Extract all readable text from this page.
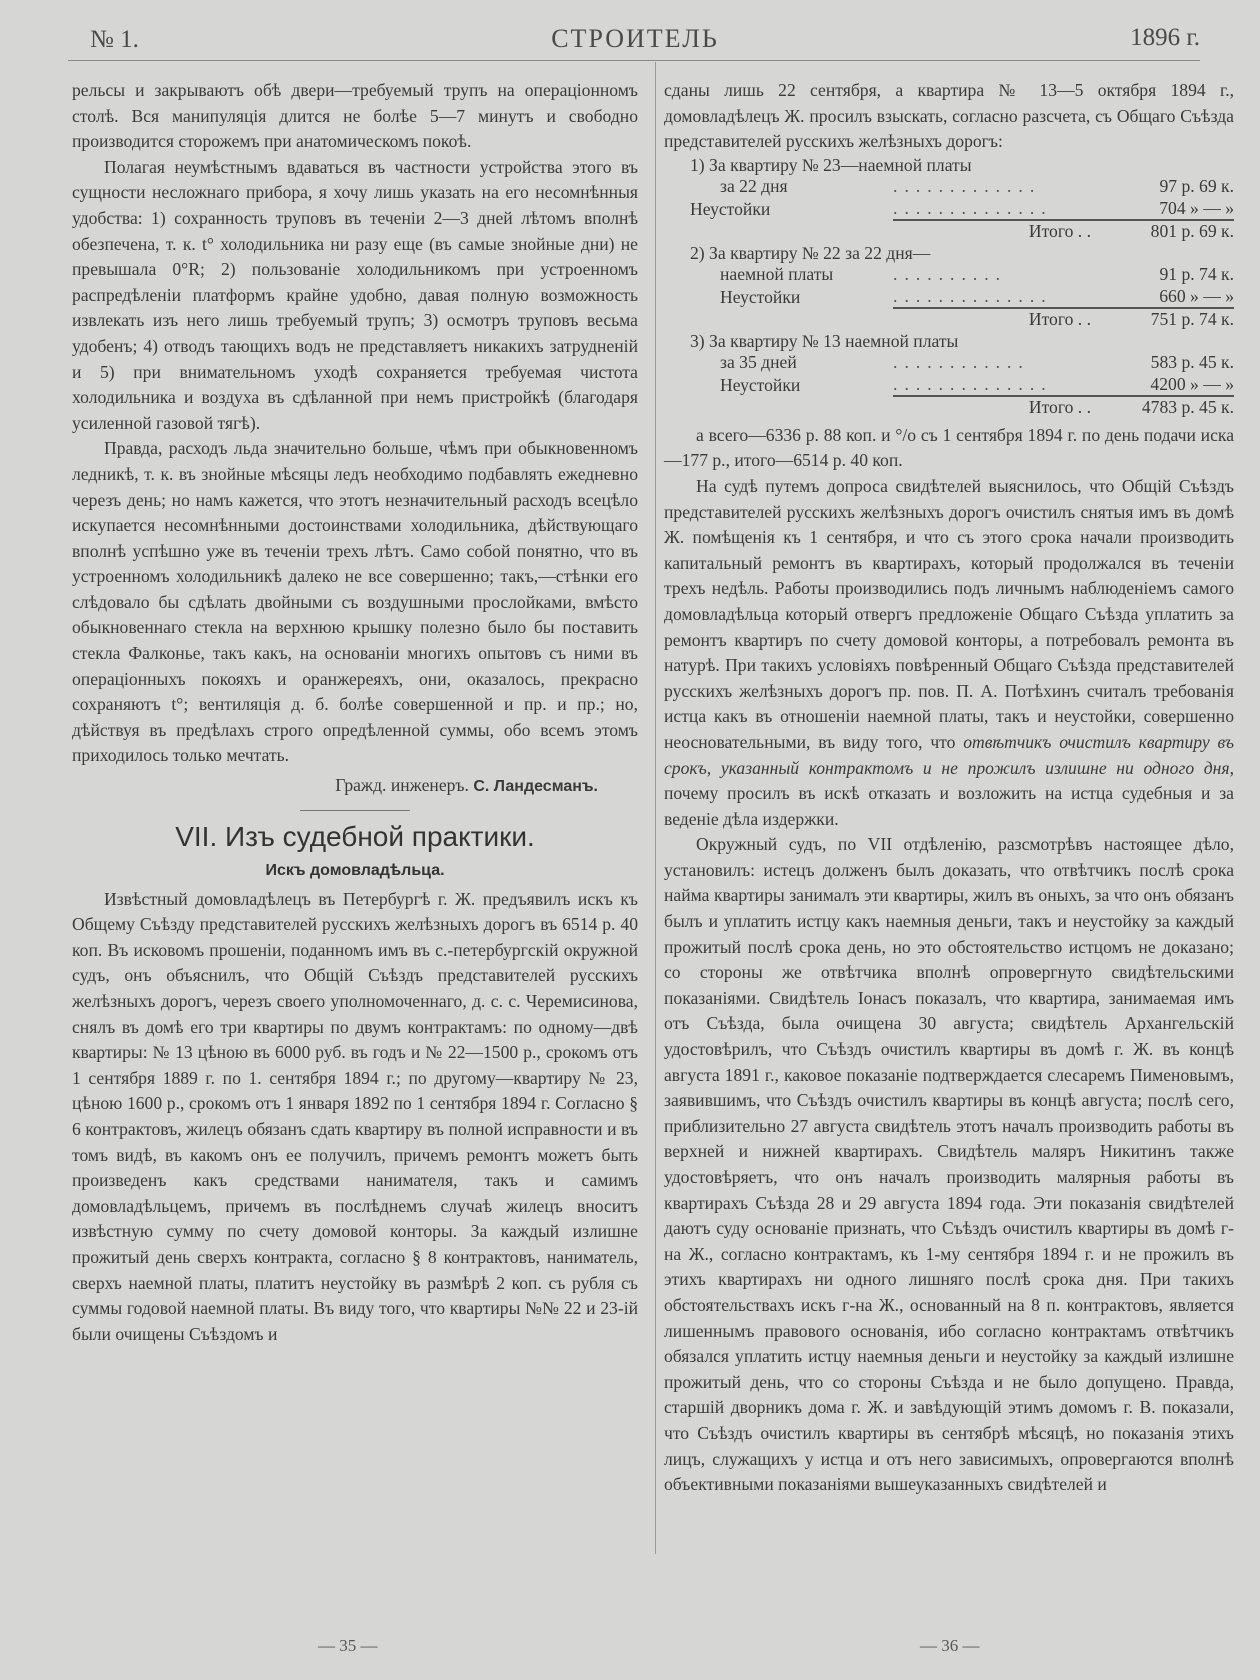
№ 1.	СТРОИТЕЛЬ	1896 г.

рельсы и закрываютъ обѣ двери—требуемый трупъ на операціонномъ столѣ. Вся манипуляція длится не болѣе 5—7 минутъ и свободно производится сторожемъ при анатомическомъ покоѣ.

Полагая неумѣстнымъ вдаваться въ частности устройства этого въ сущности несложнаго прибора, я хочу лишь указать на его несомнѣнныя удобства: 1) сохранность труповъ въ теченіи 2—3 дней лѣтомъ вполнѣ обезпечена, т. к. t° холодильника ни разу еще (въ самые знойные дни) не превышала 0°R; 2) пользованіе холодильникомъ при устроенномъ распредѣленіи платформъ крайне удобно, давая полную возможность извлекать изъ него лишь требуемый трупъ; 3) осмотръ труповъ весьма удобенъ; 4) отводъ тающихъ водъ не представляетъ никакихъ затрудненій и 5) при внимательномъ уходѣ сохраняется требуемая чистота холодильника и воздуха въ сдѣланной при немъ пристройкѣ (благодаря усиленной газовой тягѣ).

Правда, расходъ льда значительно больше, чѣмъ при обыкновенномъ ледникѣ, т. к. въ знойные мѣсяцы ледъ необходимо подбавлять ежедневно черезъ день; но намъ кажется, что этотъ незначительный расходъ всецѣло искупается несомнѣнными достоинствами холодильника, дѣйствующаго вполнѣ успѣшно уже въ теченіи трехъ лѣтъ. Само собой понятно, что въ устроенномъ холодильникѣ далеко не все совершенно; такъ,—стѣнки его слѣдовало бы сдѣлать двойными съ воздушными прослойками, вмѣсто обыкновеннаго стекла на верхнюю крышку полезно было бы поставить стекла Фалконье, такъ какъ, на основаніи многихъ опытовъ съ ними въ операціонныхъ покояхъ и оранжереяхъ, они, оказалось, прекрасно сохраняютъ t°; вентиляція д. б. болѣе совершенной и пр. и пр.; но, дѣйствуя въ предѣлахъ строго опредѣленной суммы, обо всемъ этомъ приходилось только мечтать.

Гражд. инженеръ. С. Ландесманъ.
VII. Изъ судебной практики.
Искъ домовладѣльца.

Извѣстный домовладѣлецъ въ Петербургѣ г. Ж. предъявилъ искъ къ Общему Съѣзду представителей русскихъ желѣзныхъ дорогъ въ 6514 р. 40 коп. Въ исковомъ прошеніи, поданномъ имъ въ с.-петербургскій окружной судъ, онъ объяснилъ, что Общій Съѣздъ представителей русскихъ желѣзныхъ дорогъ, черезъ своего уполномоченнаго, д. с. с. Черемисинова, снялъ въ домѣ его три квартиры по двумъ контрактамъ: по одному—двѣ квартиры: № 13 цѣною въ 6000 руб. въ годъ и № 22—1500 р., срокомъ отъ 1 сентября 1889 г. по 1. сентября 1894 г.; по другому—квартиру № 23, цѣною 1600 р., срокомъ отъ 1 января 1892 по 1 сентября 1894 г. Согласно § 6 контрактовъ, жилецъ обязанъ сдать квартиру въ полной исправности и въ томъ видѣ, въ какомъ онъ ее получилъ, причемъ ремонтъ можетъ быть произведенъ какъ средствами нанимателя, такъ и самимъ домовладѣльцемъ, причемъ въ послѣднемъ случаѣ жилецъ вноситъ извѣстную сумму по счету домовой конторы. За каждый излишне прожитый день сверхъ контракта, согласно § 8 контрактовъ, наниматель, сверхъ наемной платы, платитъ неустойку въ размѣрѣ 2 коп. съ рубля съ суммы годовой наемной платы. Въ виду того, что квартиры №№ 22 и 23-ій были очищены Съѣздомъ и

сданы лишь 22 сентября, а квартира № 13—5 октября 1894 г., домовладѣлецъ Ж. просилъ взыскать, согласно разсчета, съ Общаго Съѣзда представителей русскихъ желѣзныхъ дорогъ:

1) За квартиру № 23—наемной платы		
за 22 дня	.............	97 р. 69 к.
Неустойки	..............	704 » — »
	Итого . .	801 р. 69 к.
2) За квартиру № 22 за 22 дня—		
наемной платы	..........	91 р. 74 к.
Неустойки	..............	660 » — »
	Итого . .	751 р. 74 к.
3) За квартиру № 13 наемной платы		
за 35 дней	............	583 р. 45 к.
Неустойки	..............	4200 » — »
	Итого . .	4783 р. 45 к.

а всего—6336 р. 88 коп. и °/о съ 1 сентября 1894 г. по день подачи иска—177 р., итого—6514 р. 40 коп.

На судѣ путемъ допроса свидѣтелей выяснилось, что Общій Съѣздъ представителей русскихъ желѣзныхъ дорогъ очистилъ снятыя имъ въ домѣ Ж. помѣщенія къ 1 сентября, и что съ этого срока начали производить капитальный ремонтъ въ квартирахъ, который продолжался въ теченіи трехъ недѣль. Работы производились подъ личнымъ наблюденіемъ самого домовладѣльца который отвергъ предложеніе Общаго Съѣзда уплатить за ремонтъ квартиръ по счету домовой конторы, а потребовалъ ремонта въ натурѣ. При такихъ условіяхъ повѣренный Общаго Съѣзда представителей русскихъ желѣзныхъ дорогъ пр. пов. П. А. Потѣхинъ считалъ требованія истца какъ въ отношеніи наемной платы, такъ и неустойки, совершенно неосновательными, въ виду того, что отвѣтчикъ очистилъ квартиру въ срокъ, указанный контрактомъ и не прожилъ излишне ни одного дня, почему просилъ въ искѣ отказать и возложить на истца судебныя и за веденіе дѣла издержки.

Окружный судъ, по VII отдѣленію, разсмотрѣвъ настоящее дѣло, установилъ: истецъ долженъ былъ доказать, что отвѣтчикъ послѣ срока найма квартиры занималъ эти квартиры, жилъ въ оныхъ, за что онъ обязанъ былъ и уплатить истцу какъ наемныя деньги, такъ и неустойку за каждый прожитый послѣ срока день, но это обстоятельство истцомъ не доказано; со стороны же отвѣтчика вполнѣ опровергнуто свидѣтельскими показаніями. Свидѣтель Іонасъ показалъ, что квартира, занимаемая имъ отъ Съѣзда, была очищена 30 августа; свидѣтель Архангельскій удостовѣрилъ, что Съѣздъ очистилъ квартиры въ домѣ г. Ж. въ концѣ августа 1891 г., каковое показаніе подтверждается слесаремъ Пименовымъ, заявившимъ, что Съѣздъ очистилъ квартиры въ концѣ августа; послѣ сего, приблизительно 27 августа свидѣтель этотъ началъ производить работы въ верхней и нижней квартирахъ. Свидѣтель маляръ Никитинъ также удостовѣряетъ, что онъ началъ производить малярныя работы въ квартирахъ Съѣзда 28 и 29 августа 1894 года. Эти показанія свидѣтелей даютъ суду основаніе признать, что Съѣздъ очистилъ квартиры въ домѣ г-на Ж., согласно контрактамъ, къ 1-му сентября 1894 г. и не прожилъ въ этихъ квартирахъ ни одного лишняго послѣ срока дня. При такихъ обстоятельствахъ искъ г-на Ж., основанный на 8 п. контрактовъ, является лишеннымъ правового основанія, ибо согласно контрактамъ отвѣтчикъ обязался уплатить истцу наемныя деньги и неустойку за каждый излишне прожитый день, что со стороны Съѣзда и не было допущено. Правда, старшій дворникъ дома г. Ж. и завѣдующій этимъ домомъ г. В. показали, что Съѣздъ очистилъ квартиры въ сентябрѣ мѣсяцѣ, но показанія этихъ лицъ, служащихъ у истца и отъ него зависимыхъ, опровергаются вполнѣ объективными показаніями вышеуказанныхъ свидѣтелей и

— 35 —	— 36 —
